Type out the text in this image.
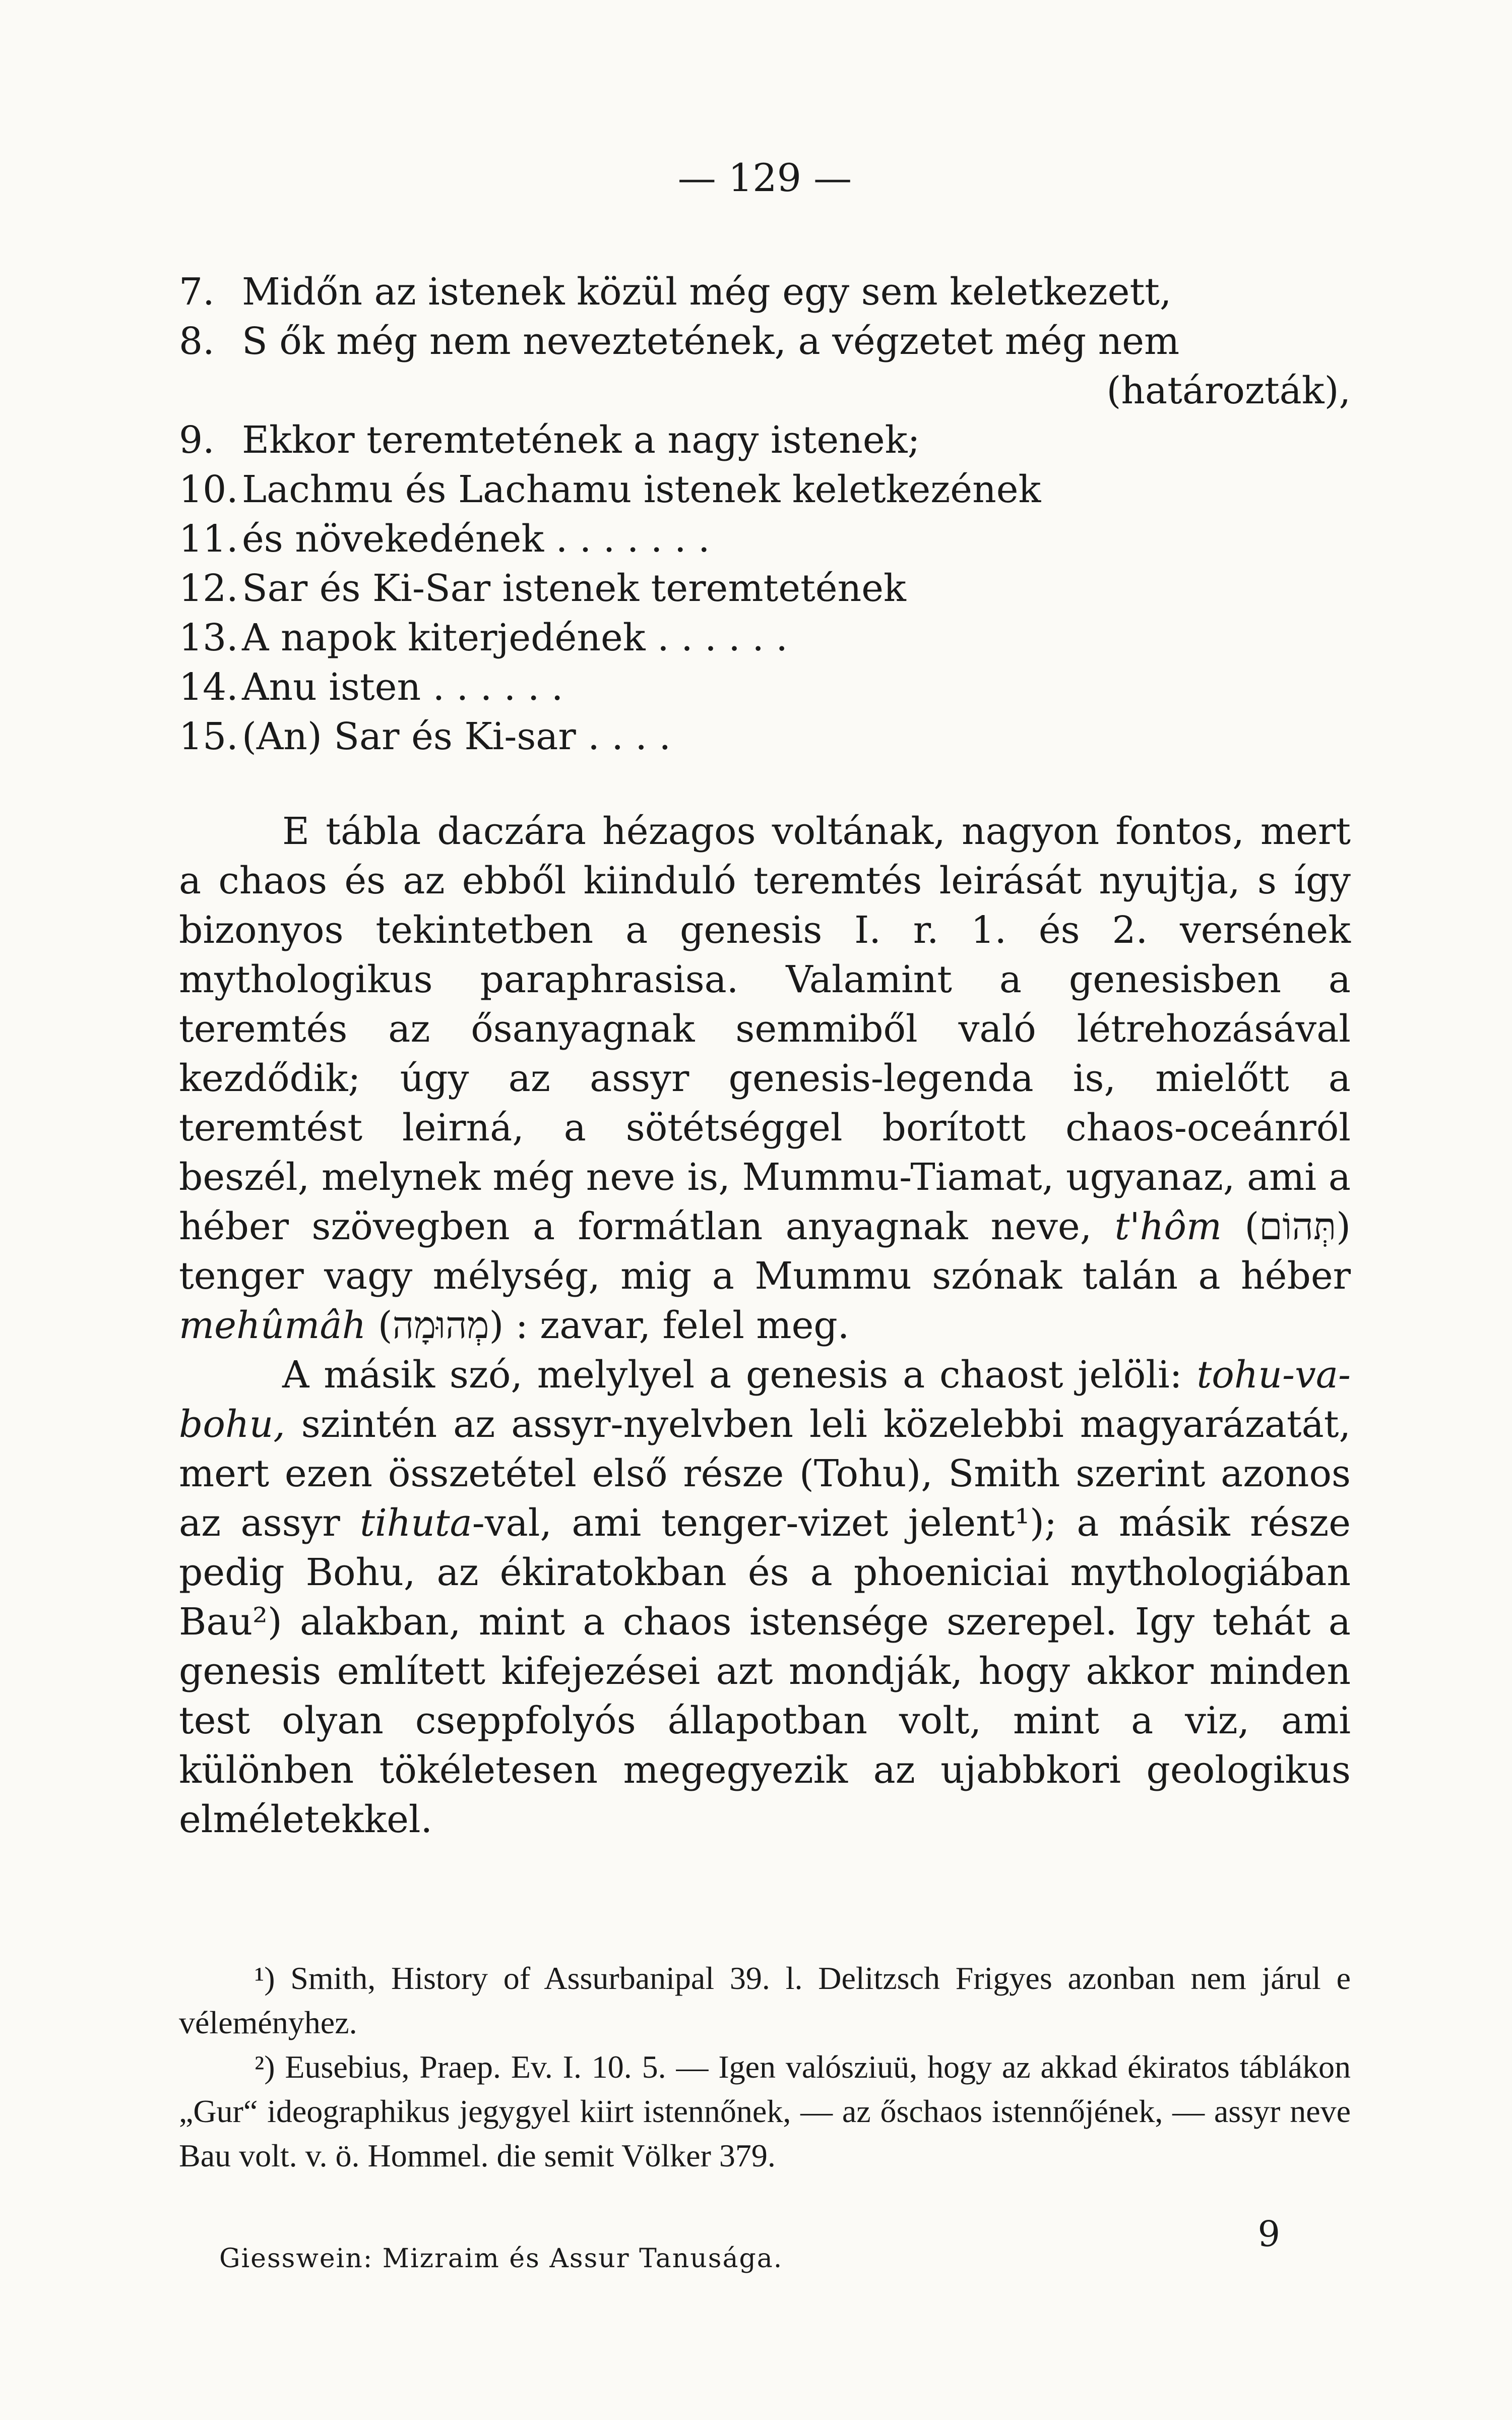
— 129 —
7. Midőn az istenek közül még egy sem keletkezett,
8. S ők még nem neveztetének, a végzetet még nem
(határozták),
9. Ekkor teremtetének a nagy istenek;
10.Lachmu és Lachamu istenek keletkezének
11.és növekedének . . . . . . .
12.Sar és Ki-Sar istenek teremtetének
13.A napok kiterjedének . . . . . .
14.Anu isten . . . . . .
15.(An) Sar és Ki-sar . . . .

E tábla daczára hézagos voltának, nagyon fontos, mert a chaos és az ebből kiinduló teremtés leirását nyujtja, s így bizonyos tekintetben a genesis I. r. 1. és 2. versének mythologikus paraphrasisa. Valamint a genesisben a teremtés az ősanyagnak semmiből való létrehozásával kezdődik; úgy az assyr genesis-legenda is, mielőtt a teremtést leirná, a sötétséggel borított chaos-oceánról beszél, melynek még neve is, Mummu-Tiamat, ugyanaz, ami a héber szövegben a formátlan anyagnak neve, t'hôm (תְּהוֹם) tenger vagy mélység, mig a Mummu szónak talán a héber mehûmâh (מְהוּמָה) : zavar, felel meg.

A másik szó, melylyel a genesis a chaost jelöli: tohu-va-bohu, szintén az assyr-nyelvben leli közelebbi magyarázatát, mert ezen összetétel első része (Tohu), Smith szerint azonos az assyr tihuta-val, ami tenger-vizet jelent¹); a másik része pedig Bohu, az ékiratokban és a phoeniciai mythologiában Bau²) alakban, mint a chaos istensége szerepel. Igy tehát a genesis említett kifejezései azt mondják, hogy akkor minden test olyan cseppfolyós állapotban volt, mint a viz, ami különben tökéletesen megegyezik az ujabbkori geologikus elméletekkel.

¹) Smith, History of Assurbanipal 39. l. Delitzsch Frigyes azonban nem járul e véleményhez.

²) Eusebius, Praep. Ev. I. 10. 5. — Igen valósziuü, hogy az akkad ékiratos táblákon „Gur“ ideographikus jegygyel kiirt istennőnek, — az őschaos istennőjének, — assyr neve Bau volt. v. ö. Hommel. die semit Völker 379.

Giesswein: Mizraim és Assur Tanusága.
9
